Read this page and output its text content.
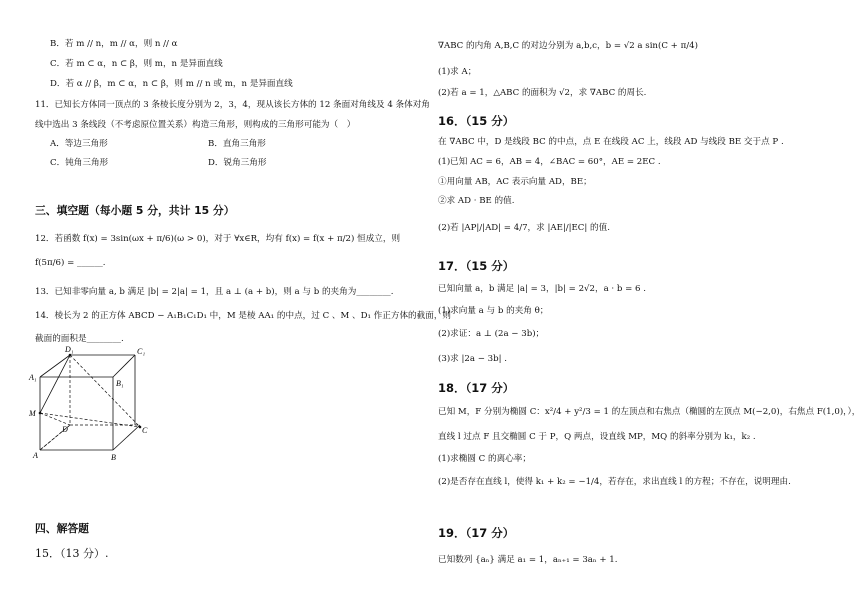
B．若 m // n，m // α，则 n // α
C．若 m ⊂ α，n ⊂ β，则 m，n 是异面直线
D．若 α // β，m ⊂ α，n ⊂ β，则 m // n 或 m，n 是异面直线
11．已知长方体同一顶点的 3 条棱长度分别为 2，3，4，现从该长方体的 12 条面对角线及 4 条体对角
线中选出 3 条线段（不考虑原位置关系）构造三角形，则构成的三角形可能为（　）
A．等边三角形	B．直角三角形
C．钝角三角形	D．锐角三角形
三、填空题（每小题 5 分，共计 15 分）
12．若函数 f(x) = 3sin(ωx + π/6)(ω > 0)，对于 ∀x∈R，均有 f(x) = f(x + π/2) 恒成立，则
f(5π/6) = ______.
13．已知非零向量 a, b 满足 |b| = 2|a| = 1，且 a ⊥ (a + b)，则 a 与 b 的夹角为________.
14．棱长为 2 的正方体 ABCD − A₁B₁C₁D₁ 中，M 是棱 AA₁ 的中点，过 C 、M 、D₁ 作正方体的截面，则
截面的面积是________.
D₁	C₁
A₁
B₁
M
D	C
A	B
四、解答题
15．（13 分）.
∇ABC 的内角 A,B,C 的对边分别为 a,b,c，b = √2 a sin(C + π/4)
(1)求 A；
(2)若 a = 1，△ABC 的面积为 √2，求 ∇ABC 的周长.
16．（15 分）
在 ∇ABC 中，D 是线段 BC 的中点，点 E 在线段 AC 上，线段 AD 与线段 BE 交于点 P .
(1)已知 AC = 6，AB = 4，∠BAC = 60°，AE = 2EC .
①用向量 AB，AC 表示向量 AD，BE；
②求 AD · BE 的值.
(2)若 |AP|/|AD| = 4/7，求 |AE|/|EC| 的值.
17．（15 分）
已知向量 a，b 满足 |a| = 3，|b| = 2√2，a · b = 6 .
(1)求向量 a 与 b 的夹角 θ；
(2)求证：a ⊥ (2a − 3b)；
(3)求 |2a − 3b| .
18．（17 分）
已知 M，F 分别为椭圆 C：x²/4 + y²/3 = 1 的左顶点和右焦点（椭圆的左顶点 M(−2,0)，右焦点 F(1,0)，），
直线 l 过点 F 且交椭圆 C 于 P，Q 两点，设直线 MP，MQ 的斜率分别为 k₁，k₂ .
(1)求椭圆 C 的离心率；
(2)是否存在直线 l，使得 k₁ + k₂ = −1/4，若存在，求出直线 l 的方程；不存在，说明理由.
19．（17 分）
已知数列 {aₙ} 满足 a₁ = 1，aₙ₊₁ = 3aₙ + 1.
